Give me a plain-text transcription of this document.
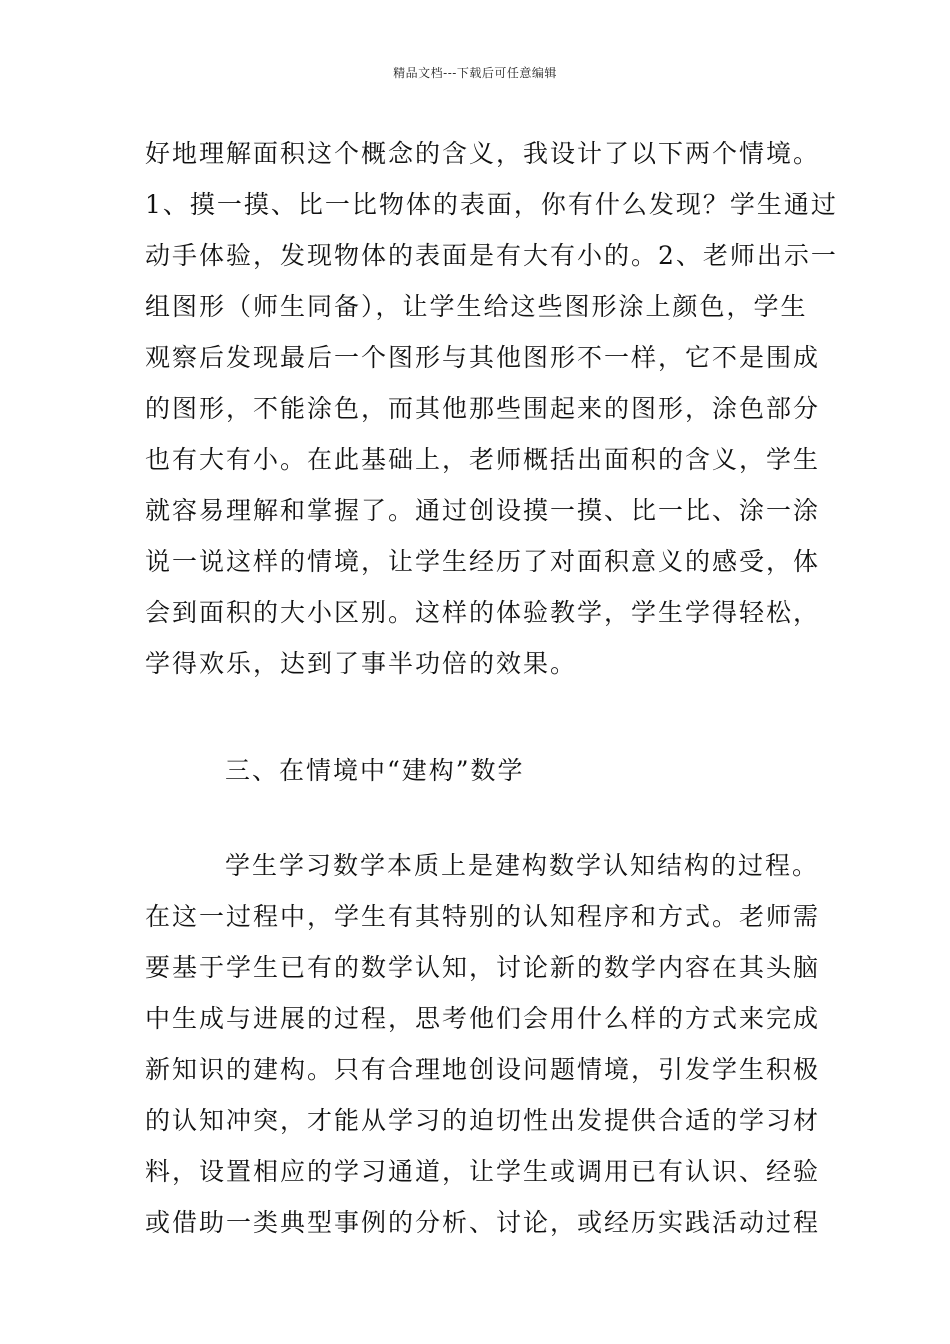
精品文档---下载后可任意编辑
好地理解面积这个概念的含义，我设计了以下两个情境。
1、摸一摸、比一比物体的表面，你有什么发现？学生通过
动手体验，发现物体的表面是有大有小的。2、老师出示一
组图形（师生同备），让学生给这些图形涂上颜色，学生
观察后发现最后一个图形与其他图形不一样，它不是围成
的图形，不能涂色，而其他那些围起来的图形，涂色部分
也有大有小。在此基础上，老师概括出面积的含义，学生
就容易理解和掌握了。通过创设摸一摸、比一比、涂一涂
说一说这样的情境，让学生经历了对面积意义的感受，体
会到面积的大小区别。这样的体验教学，学生学得轻松，
学得欢乐，达到了事半功倍的效果。
三、在情境中“建构”数学
学生学习数学本质上是建构数学认知结构的过程。
在这一过程中，学生有其特别的认知程序和方式。老师需
要基于学生已有的数学认知，讨论新的数学内容在其头脑
中生成与进展的过程，思考他们会用什么样的方式来完成
新知识的建构。只有合理地创设问题情境，引发学生积极
的认知冲突，才能从学习的迫切性出发提供合适的学习材
料，设置相应的学习通道，让学生或调用已有认识、经验
或借助一类典型事例的分析、讨论，或经历实践活动过程
